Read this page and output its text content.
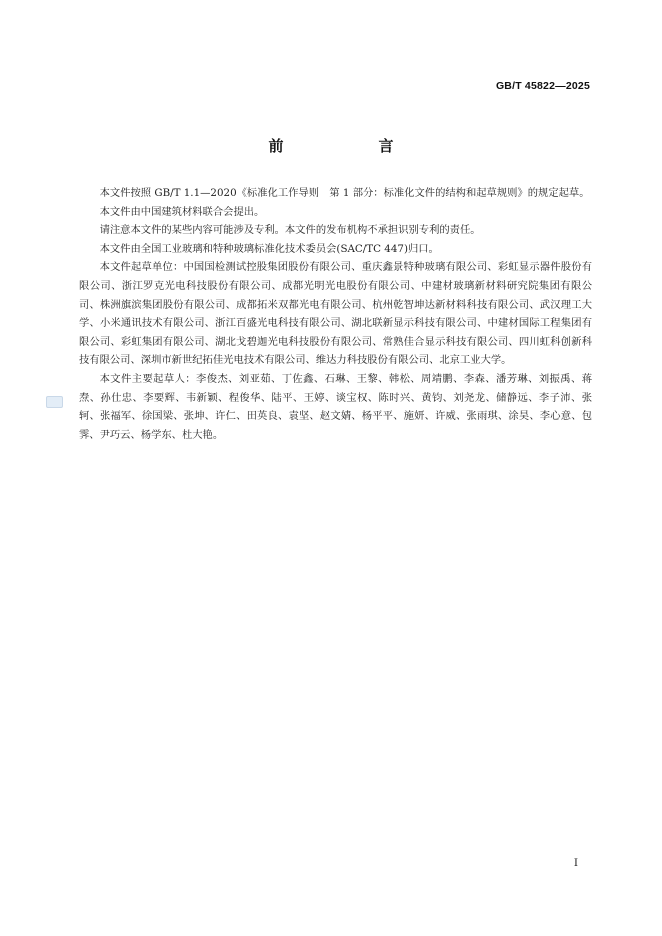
GB/T 45822—2025
前　言

本文件按照 GB/T 1.1—2020《标准化工作导则　第 1 部分：标准化文件的结构和起草规则》的规定起草。

本文件由中国建筑材料联合会提出。

请注意本文件的某些内容可能涉及专利。本文件的发布机构不承担识别专利的责任。

本文件由全国工业玻璃和特种玻璃标准化技术委员会(SAC/TC 447)归口。

本文件起草单位：中国国检测试控股集团股份有限公司、重庆鑫景特种玻璃有限公司、彩虹显示器件股份有限公司、浙江罗克光电科技股份有限公司、成都光明光电股份有限公司、中建材玻璃新材料研究院集团有限公司、株洲旗滨集团股份有限公司、成都拓米双都光电有限公司、杭州乾智坤达新材料科技有限公司、武汉理工大学、小米通讯技术有限公司、浙江百盛光电科技有限公司、湖北联新显示科技有限公司、中建材国际工程集团有限公司、彩虹集团有限公司、湖北戈碧迦光电科技股份有限公司、常熟佳合显示科技有限公司、四川虹科创新科技有限公司、深圳市新世纪拓佳光电技术有限公司、维达力科技股份有限公司、北京工业大学。

本文件主要起草人：李俊杰、刘亚茹、丁佐鑫、石琳、王黎、韩松、周靖鹏、李森、潘芳琳、刘振禹、蒋焘、孙仕忠、李要辉、韦新颖、程俊华、陆平、王婷、谈宝权、陈时兴、黄钧、刘尧龙、储静远、李子沛、张轲、张福军、徐国梁、张坤、许仁、田英良、袁坚、赵文婧、杨平平、施妍、许威、张雨琪、涂昊、李心意、包霁、尹巧云、杨学东、杜大艳。

I
